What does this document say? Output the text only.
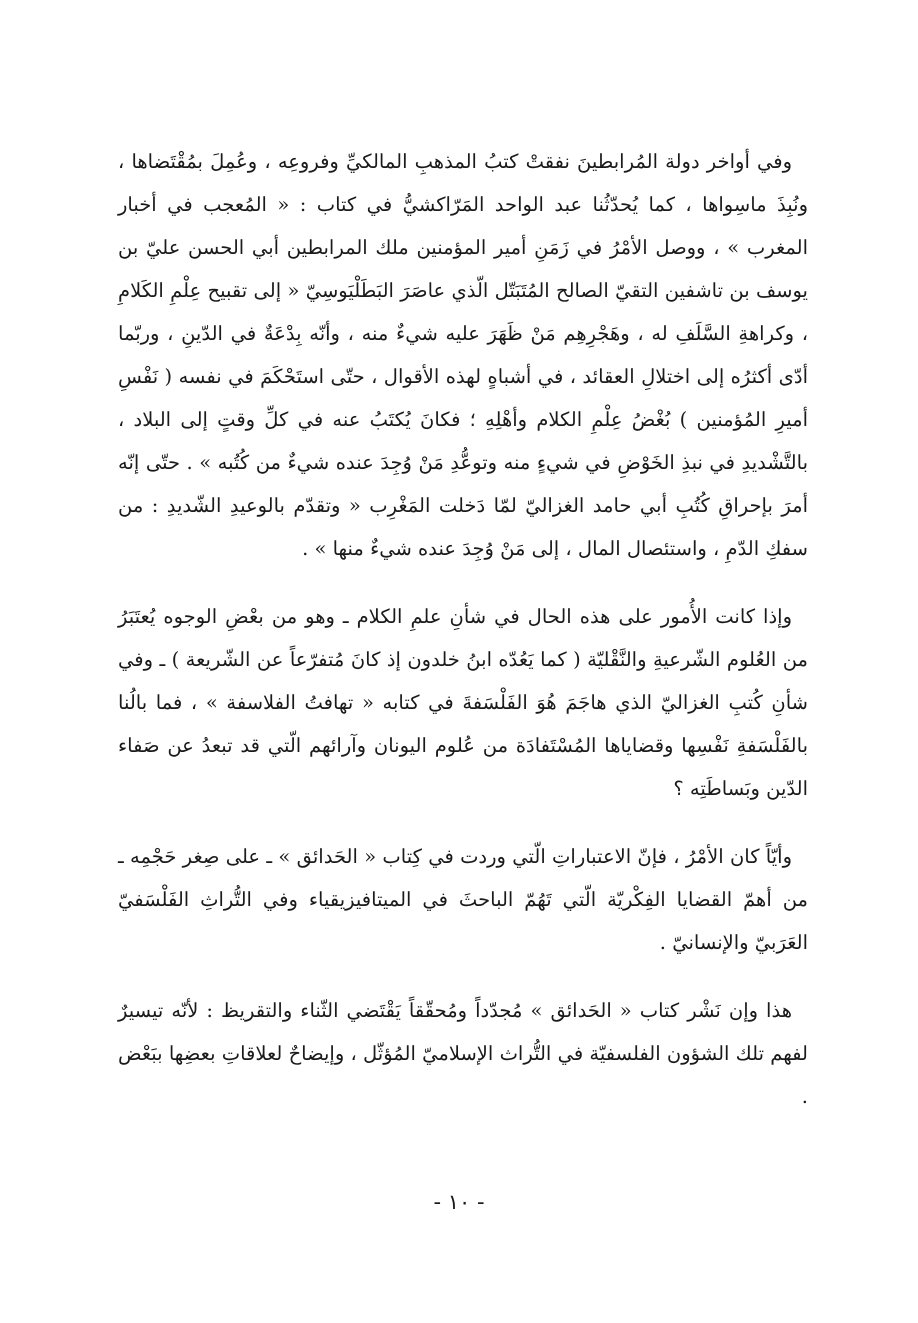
وفي أواخر دولة المُرابطينَ نفقتْ كتبُ المذهبِ المالكيِّ وفروعِه ، وعُمِلَ بمُقْتَضاها ، ونُبِذَ ماسِواها ، كما يُحدّثُنا عبد الواحد المَرّاكشيُّ في كتاب : « المُعجب في أخبار المغرب » ، ووصل الأمْرُ في زَمَنِ أمير المؤمنين ملك المرابطين أبي الحسن عليّ بن يوسف بن تاشفين التقيّ الصالح المُتَبَتّل الّذي عاصَرَ البَطَلْيَوسِيّ « إلى تقبيح عِلْمِ الكَلامِ ، وكراهةِ السَّلَفِ له ، وهَجْرِهِم مَنْ ظَهَرَ عليه شيءٌ منه ، وأنّه بِدْعَةٌ في الدّينِ ، وربّما أدّى أكثرُه إلى اختلالِ العقائد ، في أشباهٍ لهذه الأقوال ، حتّى استَحْكَمَ في نفسه ( نَفْسِ أميرِ المُؤمنين ) بُغْضُ عِلْمِ الكلام وأهْلِهِ ؛ فكانَ يُكتَبُ عنه في كلِّ وقتٍ إلى البلاد ، بالتَّشْديدِ في نبذِ الخَوْضِ في شيءٍ منه وتوعُّدِ مَنْ وُجِدَ عنده شيءٌ من كُتُبه » . حتّى إنّه أمرَ بإحراقِ كُتُبِ أبي حامد الغزاليّ لمّا دَخلت المَغْرِب « وتقدّم بالوعيدِ الشّديدِ : من سفكِ الدّمِ ، واستئصال المال ، إلى مَنْ وُجِدَ عنده شيءٌ منها » .

وإذا كانت الأُمور على هذه الحال في شأنِ علمِ الكلام ـ وهو من بعْضِ الوجوه يُعتَبَرُ من العُلوم الشّرعيةِ والنَّقْليّة ( كما يَعُدّه ابنُ خلدون إذ كانَ مُتفرّعاً عن الشّريعة ) ـ وفي شأنِ كُتبِ الغزاليّ الذي هاجَمَ هُوَ الفَلْسَفةَ في كتابه « تهافتُ الفلاسفة » ، فما بالُنا بالفَلْسَفةِ نَفْسِها وقضاياها المُسْتَفادَة من عُلوم اليونان وآرائهم الّتي قد تبعدُ عن صَفاء الدّين وبَساطَتِه ؟

وأيّاً كان الأمْرُ ، فإنّ الاعتباراتِ الّتي وردت في كِتاب « الحَدائق » ـ على صِغر حَجْمِه ـ من أهمّ القضايا الفِكْريّة الّتي تَهُمّ الباحثَ في الميتافيزيقياء وفي التُّراثِ الفَلْسَفيّ العَرَبيّ والإنسانيّ .

هذا وإن نَشْر كتاب « الحَدائق » مُجدّداً ومُحقّقاً يَقْتَضي الثّناء والتقريظ : لأنّه تيسيرٌ لفهم تلك الشؤون الفلسفيّة في التُّراث الإسلاميّ المُؤثّل ، وإيضاحٌ لعلاقاتِ بعضِها ببَعْض .

- ١٠ -
